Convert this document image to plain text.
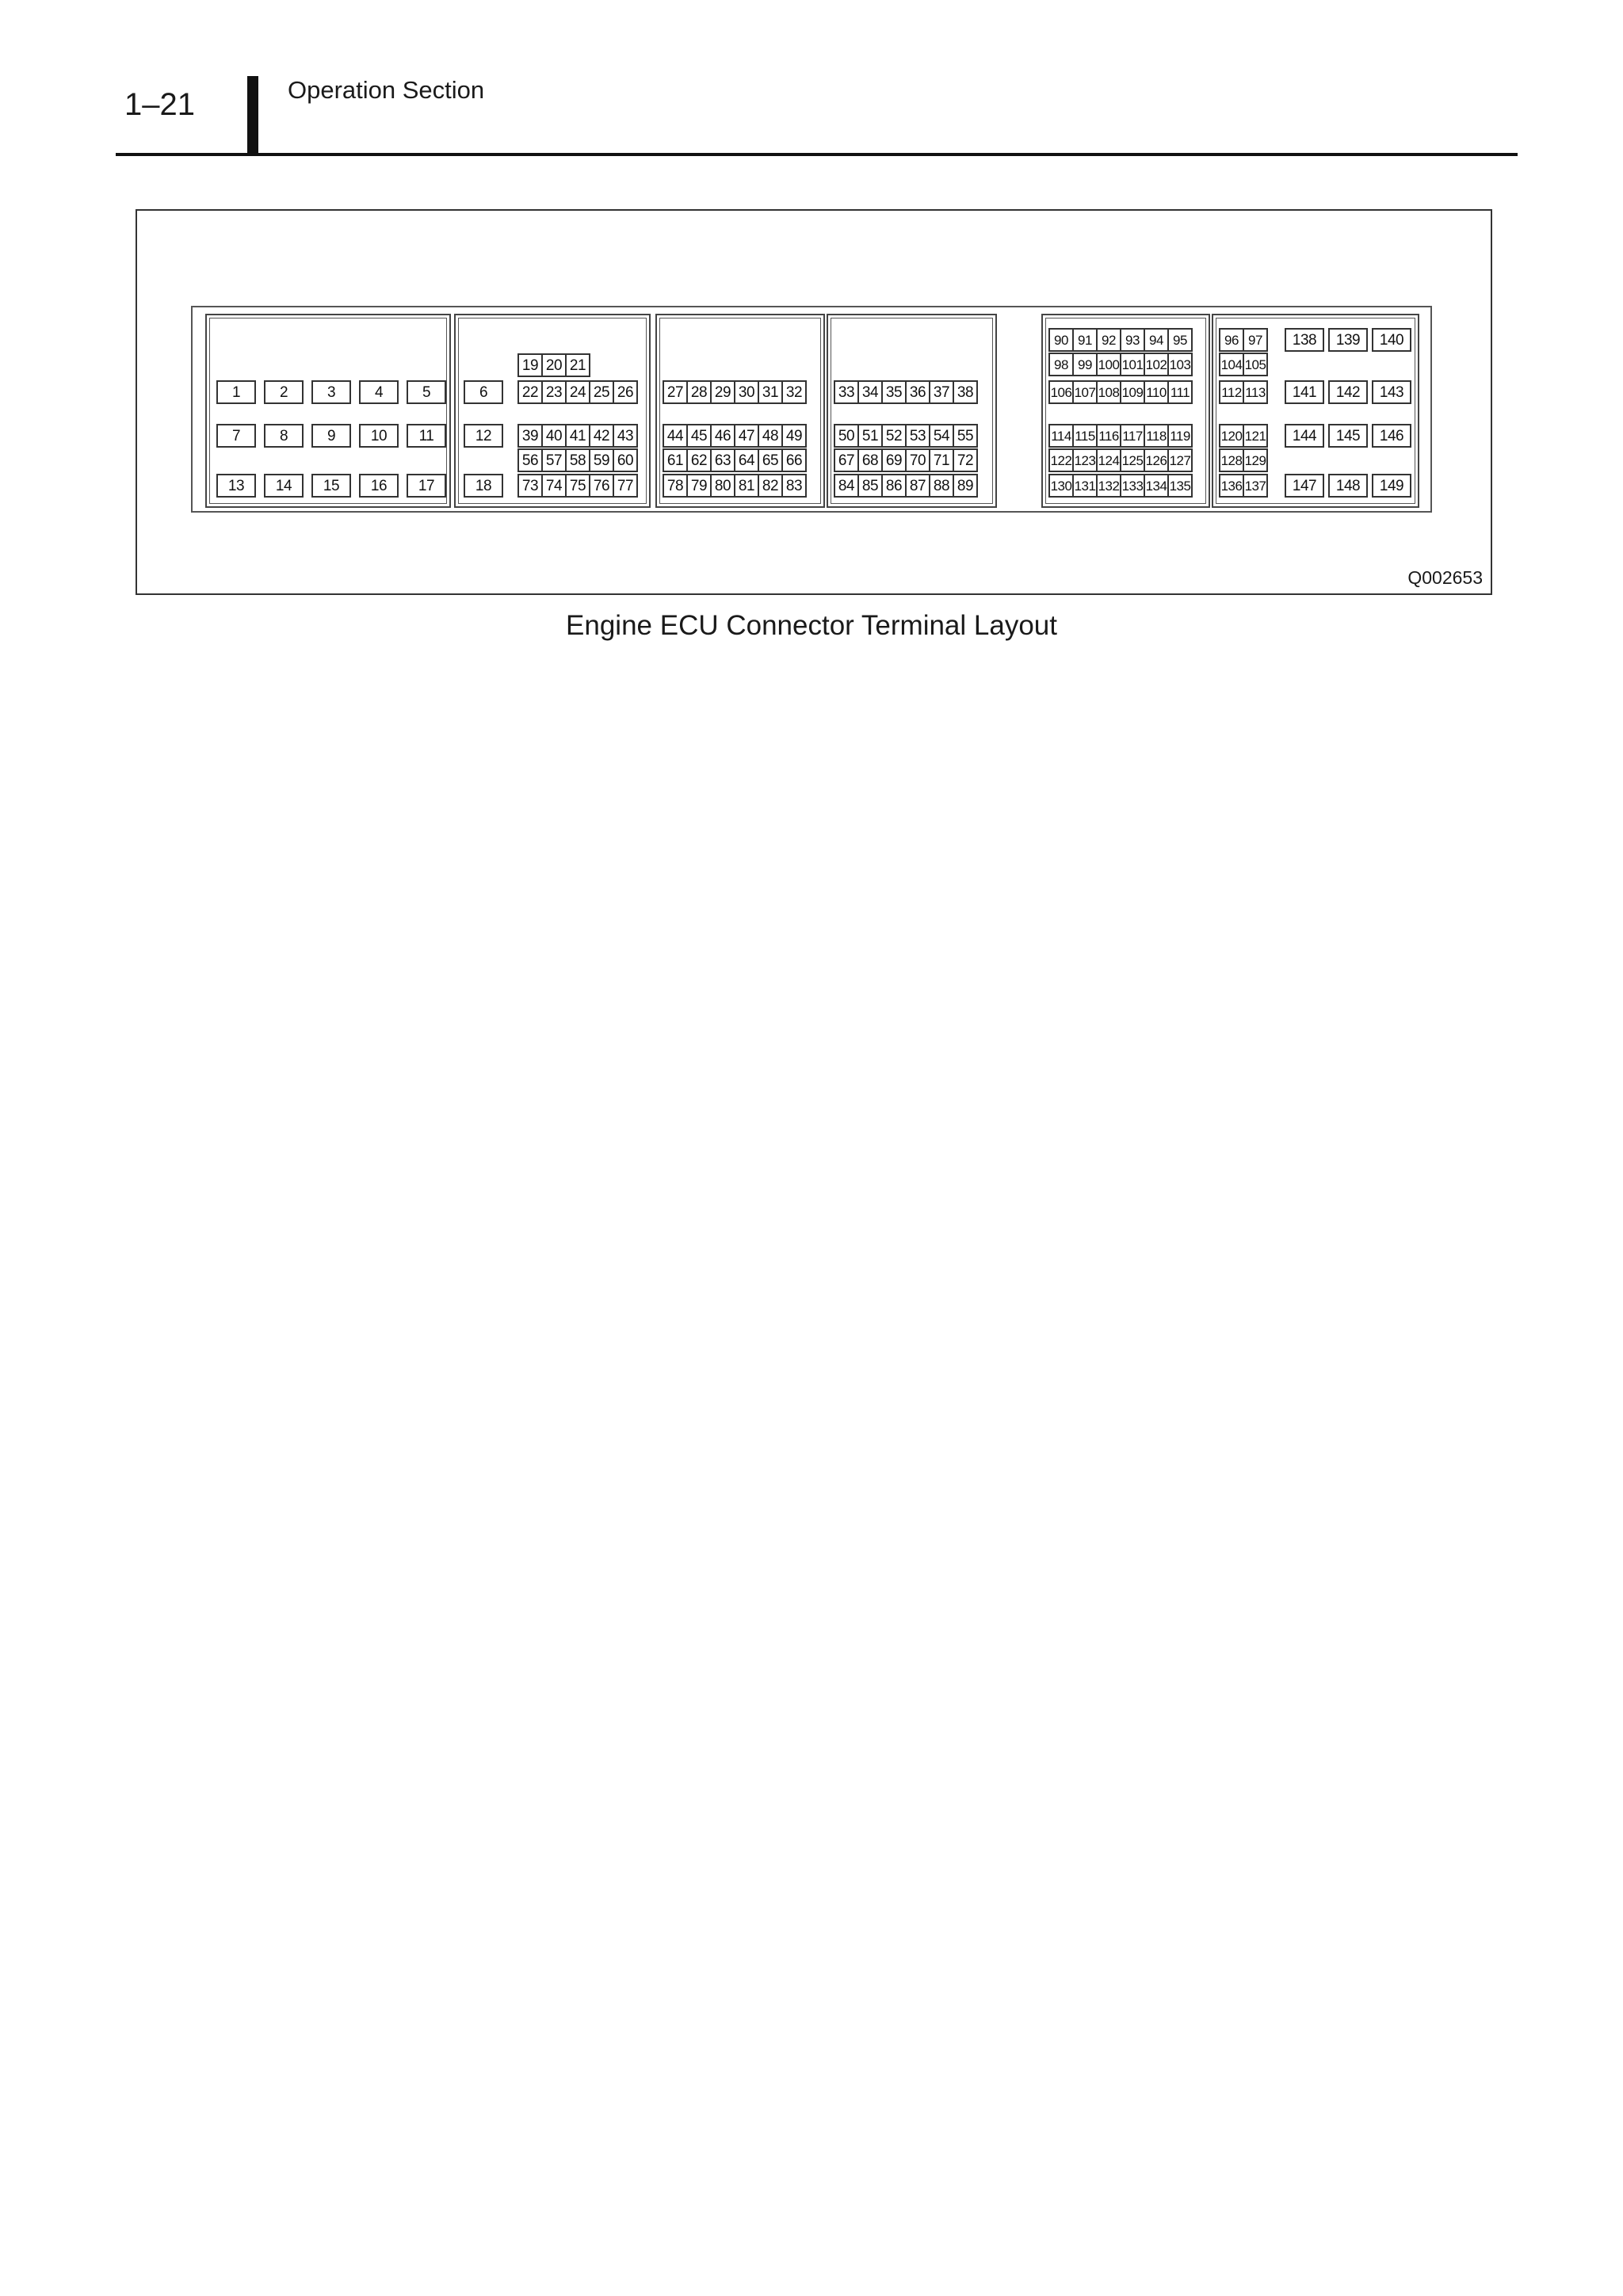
1–21	Operation Section
1	2	3	4	5
7	8	9	10	11
13	14	15	16	17
19 20 21
6	22 23 24 25 26
12	39 40 41 42 43
56 57 58 59 60
18	73 74 75 76 77
27 28 29 30 31 32
44 45 46 47 48 49
61 62 63 64 65 66
78 79 80 81 82 83
33 34 35 36 37 38
50 51 52 53 54 55
67 68 69 70 71 72
84 85 86 87 88 89
90 91 92 93 94 95
98 99 100 101 102 103
106 107 108 109 110 111
114 115 116 117 118 119
122 123 124 125 126 127
130 131 132 133 134 135
96 97	138	139	140
104 105
112 113	141	142	143
120 121	144	145	146
128 129
136 137	147	148	149
Q002653
Engine ECU Connector Terminal Layout
